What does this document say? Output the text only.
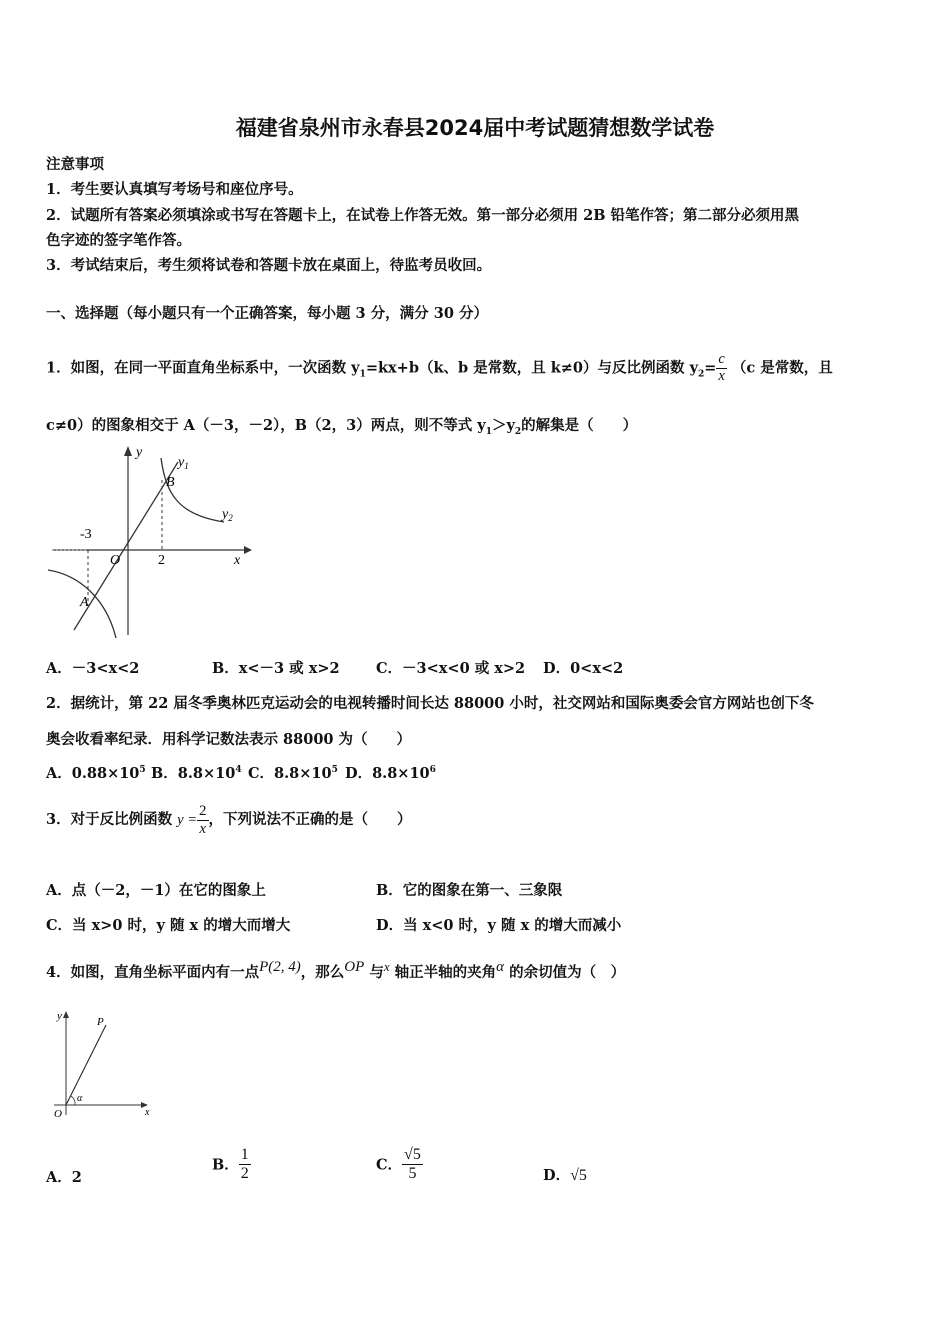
福建省泉州市永春县2024届中考试题猜想数学试卷
注意事项
1．考生要认真填写考场号和座位序号。
2．试题所有答案必须填涂或书写在答题卡上，在试卷上作答无效。第一部分必须用 2B 铅笔作答；第二部分必须用黑
色字迹的签字笔作答。
3．考试结束后，考生须将试卷和答题卡放在桌面上，待监考员收回。
一、选择题（每小题只有一个正确答案，每小题 3 分，满分 30 分）
1．如图，在同一平面直角坐标系中，一次函数 $y_1=kx+b(k$、b 是常数，且 k≠0）与反比例函数 $y_2= \frac{c}{x} (c$ 是常数，且
c≠0）的图象相交于 A（－3，－2），B（2，3）两点，则不等式 $y_1>y_2$的解集是（　　）
y
x
$y_1$
$y_2$
B
A
O
-3
2
A．－3<x<2	B．x<－3 或 x>2	C．－3<x<0 或 x>2 D．0<x<2
2．据统计，第 22 届冬季奥林匹克运动会的电视转播时间长达 88000 小时，社交网站和国际奥委会官方网站也创下冬
奥会收看率纪录．用科学记数法表示 88000 为（　　）
A．$0.88\times 10^5$ B．$8.8\times 10^4$ C．$8.8\times 10^5$ D．$8.8\times 10^6$
3．对于反比例函数 $y = \frac{2}{x}$ ，下列说法不正确的是（　　）
A．点（－2，－1）在它的图象上	B．它的图象在第一、三象限
C．当 x>0 时，y 随 x 的增大而增大	D．当 x<0 时，y 随 x 的增大而减小
4．如图，直角坐标平面内有一点P(2, 4)，那么OP 与x 轴正半轴的夹角α 的余切值为（　）
y
x
P
O
α
A．2
B． $\frac{1}{2}$	C． $\frac{√5}{5}$	D．√5
